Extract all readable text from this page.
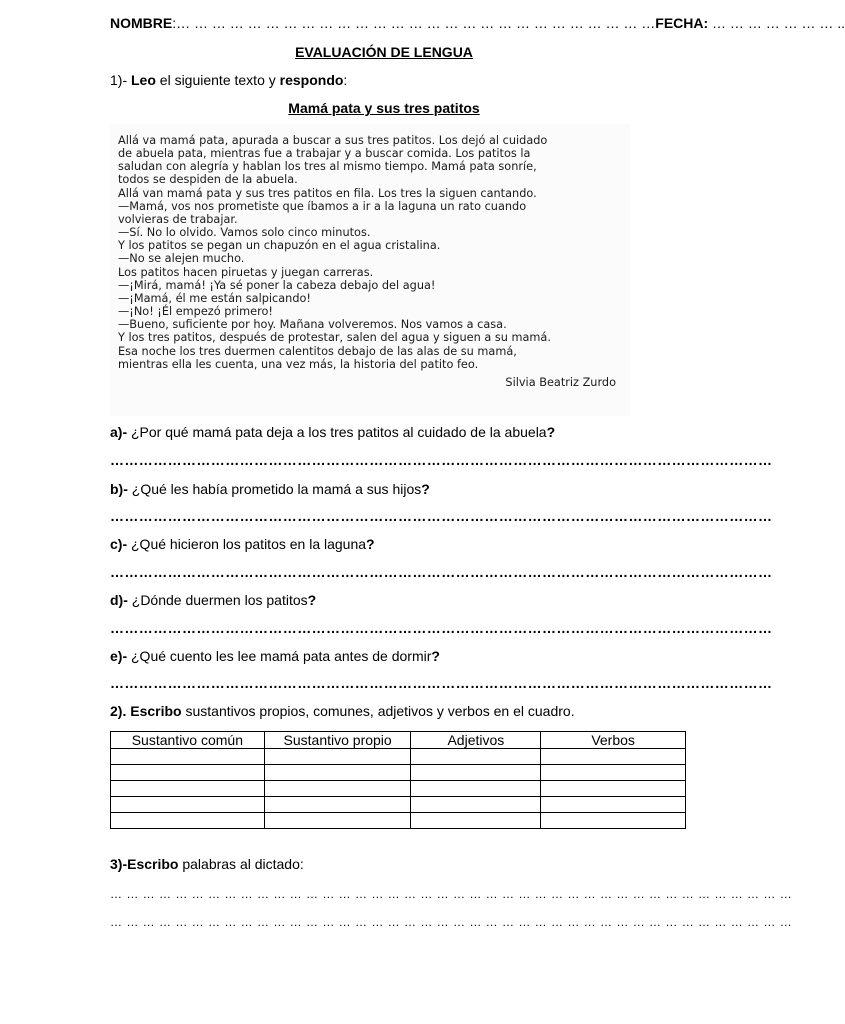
NOMBRE:… … … … … … … … … … … … … … … … … … … … … … … … … … …FECHA: … … … … … … … ..
EVALUACIÓN DE LENGUA
1)- Leo el siguiente texto y respondo:
Mamá pata y sus tres patitos
Allá va mamá pata, apurada a buscar a sus tres patitos. Los dejó al cuidado
de abuela pata, mientras fue a trabajar y a buscar comida. Los patitos la
saludan con alegría y hablan los tres al mismo tiempo. Mamá pata sonríe,
todos se despiden de la abuela.
Allá van mamá pata y sus tres patitos en fila. Los tres la siguen cantando.
—Mamá, vos nos prometiste que íbamos a ir a la laguna un rato cuando
volvieras de trabajar.
—Sí. No lo olvido. Vamos solo cinco minutos.
Y los patitos se pegan un chapuzón en el agua cristalina.
—No se alejen mucho.
Los patitos hacen piruetas y juegan carreras.
—¡Mirá, mamá! ¡Ya sé poner la cabeza debajo del agua!
—¡Mamá, él me están salpicando!
—¡No! ¡Él empezó primero!
—Bueno, suficiente por hoy. Mañana volveremos. Nos vamos a casa.
Y los tres patitos, después de protestar, salen del agua y siguen a su mamá.
Esa noche los tres duermen calentitos debajo de las alas de su mamá,
mientras ella les cuenta, una vez más, la historia del patito feo.
Silvia Beatriz Zurdo
a)- ¿Por qué mamá pata deja a los tres patitos al cuidado de la abuela?
…………………………………………………………………………………………………………………………
b)- ¿Qué les había prometido la mamá a sus hijos?
…………………………………………………………………………………………………………………………
c)- ¿Qué hicieron los patitos en la laguna?
…………………………………………………………………………………………………………………………
d)- ¿Dónde duermen los patitos?
…………………………………………………………………………………………………………………………
e)- ¿Qué cuento les lee mamá pata antes de dormir?
…………………………………………………………………………………………………………………………
2). Escribo sustantivos propios, comunes, adjetivos y verbos en el cuadro.
Sustantivo común	Sustantivo propio	Adjetivos	Verbos

3)-Escribo palabras al dictado:
… … … … … … … … … … … … … … … … … … … … … … … … … … … … … … … … … … … … … … … … … …
… … … … … … … … … … … … … … … … … … … … … … … … … … … … … … … … … … … … … … … … … …
